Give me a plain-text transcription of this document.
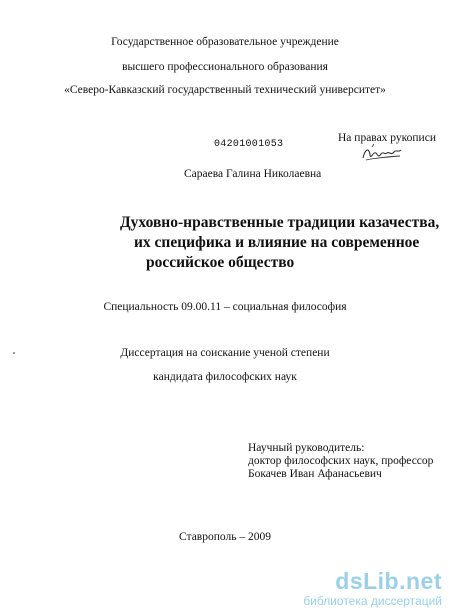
Государственное образовательное учреждение
высшего профессионального образования
«Северо-Кавказский государственный технический университет»
04201001053
На правах рукописи
Сараева Галина Николаевна
Духовно-нравственные традиции казачества,
их специфика и влияние на современное
российское общество
Специальность 09.00.11 – социальная философия
Диссертация на соискание ученой степени
кандидата философских наук
Научный руководитель:
доктор философских наук, профессор
Бокачев Иван Афанасьевич
Ставрополь – 2009
dsLib.net
библиотека диссертаций
